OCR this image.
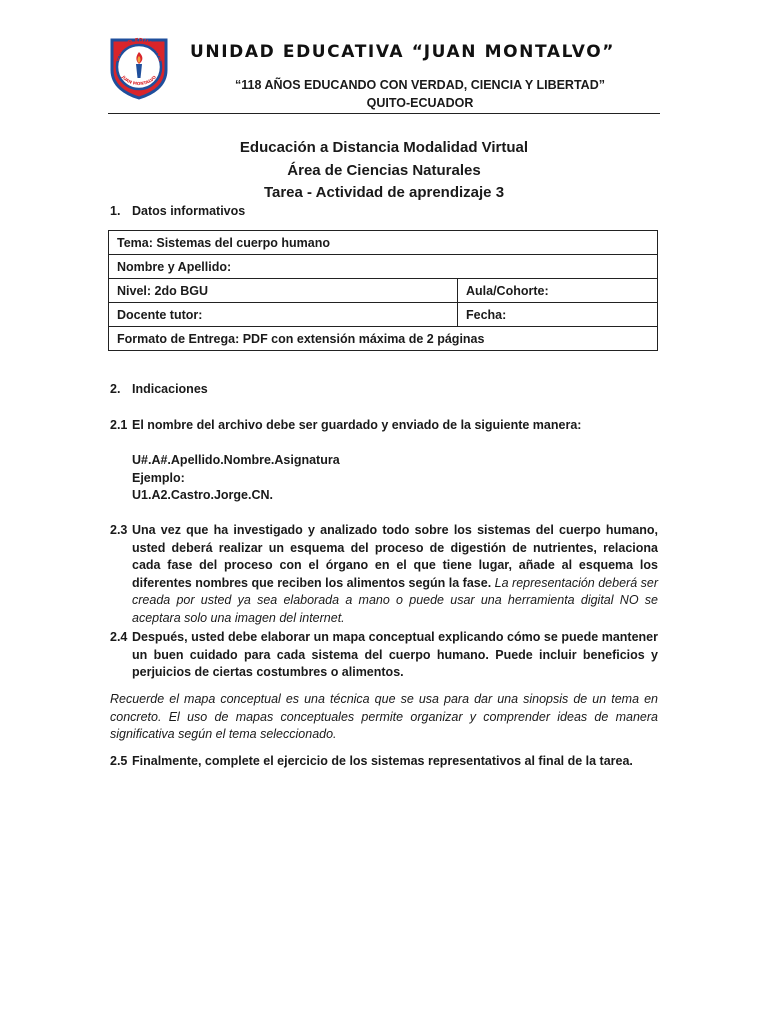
UNIDAD EDUCATIVA
JUAN MONTALVO
UNIDAD EDUCATIVA “JUAN MONTALVO”
“118 AÑOS EDUCANDO CON VERDAD, CIENCIA Y LIBERTAD”
QUITO-ECUADOR
Educación a Distancia Modalidad Virtual
Área de Ciencias Naturales
Tarea - Actividad de aprendizaje 3
1. Datos informativos
Tema: Sistemas del cuerpo humano	
Nombre y Apellido:	
Nivel: 2do BGU	Aula/Cohorte:
Docente tutor:	Fecha:
Formato de Entrega: PDF con extensión máxima de 2 páginas	
2. Indicaciones
2.1 El nombre del archivo debe ser guardado y enviado de la siguiente manera:
U#.A#.Apellido.Nombre.Asignatura
Ejemplo:
U1.A2.Castro.Jorge.CN.
2.3 Una vez que ha investigado y analizado todo sobre los sistemas del cuerpo humano, usted deberá realizar un esquema del proceso de digestión de nutrientes, relaciona cada fase del proceso con el órgano en el que tiene lugar, añade al esquema los diferentes nombres que reciben los alimentos según la fase. La representación deberá ser creada por usted ya sea elaborada a mano o puede usar una herramienta digital NO se aceptara solo una imagen del internet.
2.4 Después, usted debe elaborar un mapa conceptual explicando cómo se puede mantener un buen cuidado para cada sistema del cuerpo humano. Puede incluir beneficios y perjuicios de ciertas costumbres o alimentos.
Recuerde el mapa conceptual es una técnica que se usa para dar una sinopsis de un tema en concreto. El uso de mapas conceptuales permite organizar y comprender ideas de manera significativa según el tema seleccionado.
2.5 Finalmente, complete el ejercicio de los sistemas representativos al final de la tarea.
